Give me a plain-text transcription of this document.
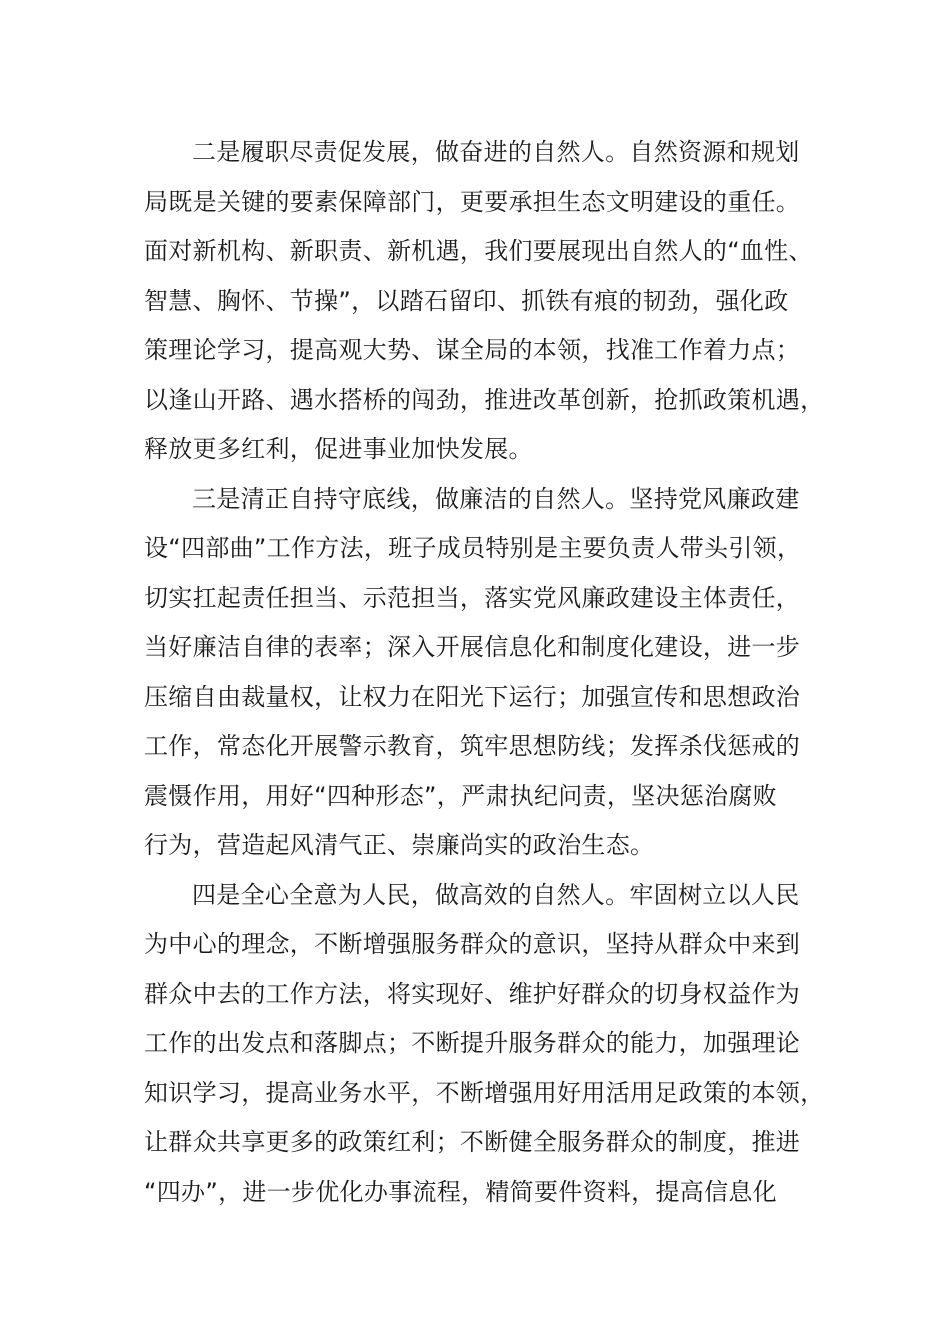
二是履职尽责促发展，做奋进的自然人。自然资源和规划
局既是关键的要素保障部门，更要承担生态文明建设的重任。
面对新机构、新职责、新机遇，我们要展现出自然人的“血性、
智慧、胸怀、节操”，以踏石留印、抓铁有痕的韧劲，强化政
策理论学习，提高观大势、谋全局的本领，找准工作着力点；
以逢山开路、遇水搭桥的闯劲，推进改革创新，抢抓政策机遇，
释放更多红利，促进事业加快发展。
三是清正自持守底线，做廉洁的自然人。坚持党风廉政建
设“四部曲”工作方法，班子成员特别是主要负责人带头引领，
切实扛起责任担当、示范担当，落实党风廉政建设主体责任，
当好廉洁自律的表率；深入开展信息化和制度化建设，进一步
压缩自由裁量权，让权力在阳光下运行；加强宣传和思想政治
工作，常态化开展警示教育，筑牢思想防线；发挥杀伐惩戒的
震慑作用，用好“四种形态”，严肃执纪问责，坚决惩治腐败
行为，营造起风清气正、崇廉尚实的政治生态。
四是全心全意为人民，做高效的自然人。牢固树立以人民
为中心的理念，不断增强服务群众的意识，坚持从群众中来到
群众中去的工作方法，将实现好、维护好群众的切身权益作为
工作的出发点和落脚点；不断提升服务群众的能力，加强理论
知识学习，提高业务水平，不断增强用好用活用足政策的本领，
让群众共享更多的政策红利；不断健全服务群众的制度，推进
“四办”，进一步优化办事流程，精简要件资料，提高信息化
